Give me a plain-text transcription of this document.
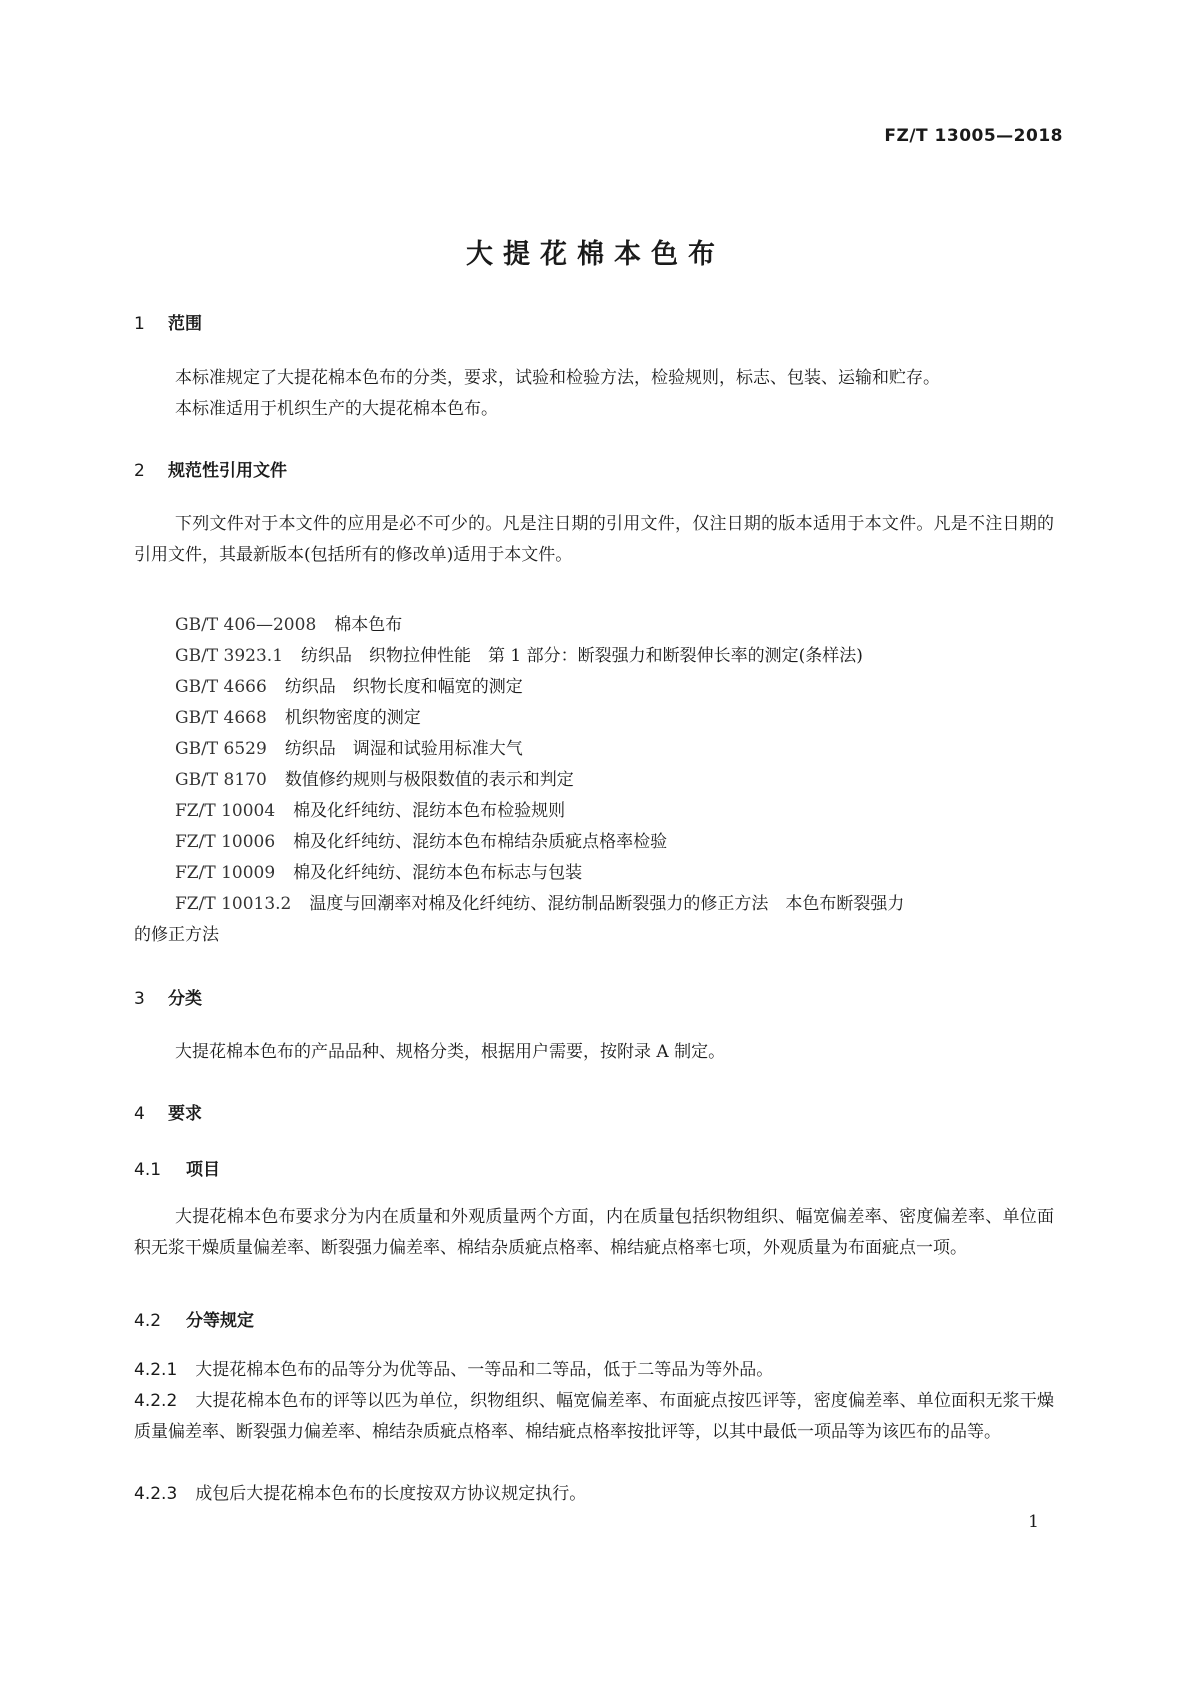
FZ/T 13005—2018
大提花棉本色布
1 范围

本标准规定了大提花棉本色布的分类，要求，试验和检验方法，检验规则，标志、包装、运输和贮存。

本标准适用于机织生产的大提花棉本色布。

2 规范性引用文件

下列文件对于本文件的应用是必不可少的。凡是注日期的引用文件，仅注日期的版本适用于本文件。凡是不注日期的引用文件，其最新版本(包括所有的修改单)适用于本文件。

GB/T 406—2008 棉本色布
GB/T 3923.1 纺织品　织物拉伸性能　第 1 部分：断裂强力和断裂伸长率的测定(条样法)
GB/T 4666 纺织品　织物长度和幅宽的测定
GB/T 4668 机织物密度的测定
GB/T 6529 纺织品　调湿和试验用标准大气
GB/T 8170 数值修约规则与极限数值的表示和判定
FZ/T 10004 棉及化纤纯纺、混纺本色布检验规则
FZ/T 10006 棉及化纤纯纺、混纺本色布棉结杂质疵点格率检验
FZ/T 10009 棉及化纤纯纺、混纺本色布标志与包装
FZ/T 10013.2 温度与回潮率对棉及化纤纯纺、混纺制品断裂强力的修正方法　本色布断裂强力
的修正方法
3 分类

大提花棉本色布的产品品种、规格分类，根据用户需要，按附录 A 制定。

4 要求
4.1 项目

大提花棉本色布要求分为内在质量和外观质量两个方面，内在质量包括织物组织、幅宽偏差率、密度偏差率、单位面积无浆干燥质量偏差率、断裂强力偏差率、棉结杂质疵点格率、棉结疵点格率七项，外观质量为布面疵点一项。

4.2 分等规定

4.2.1 大提花棉本色布的品等分为优等品、一等品和二等品，低于二等品为等外品。

4.2.2 大提花棉本色布的评等以匹为单位，织物组织、幅宽偏差率、布面疵点按匹评等，密度偏差率、单位面积无浆干燥质量偏差率、断裂强力偏差率、棉结杂质疵点格率、棉结疵点格率按批评等，以其中最低一项品等为该匹布的品等。

4.2.3 成包后大提花棉本色布的长度按双方协议规定执行。

1
